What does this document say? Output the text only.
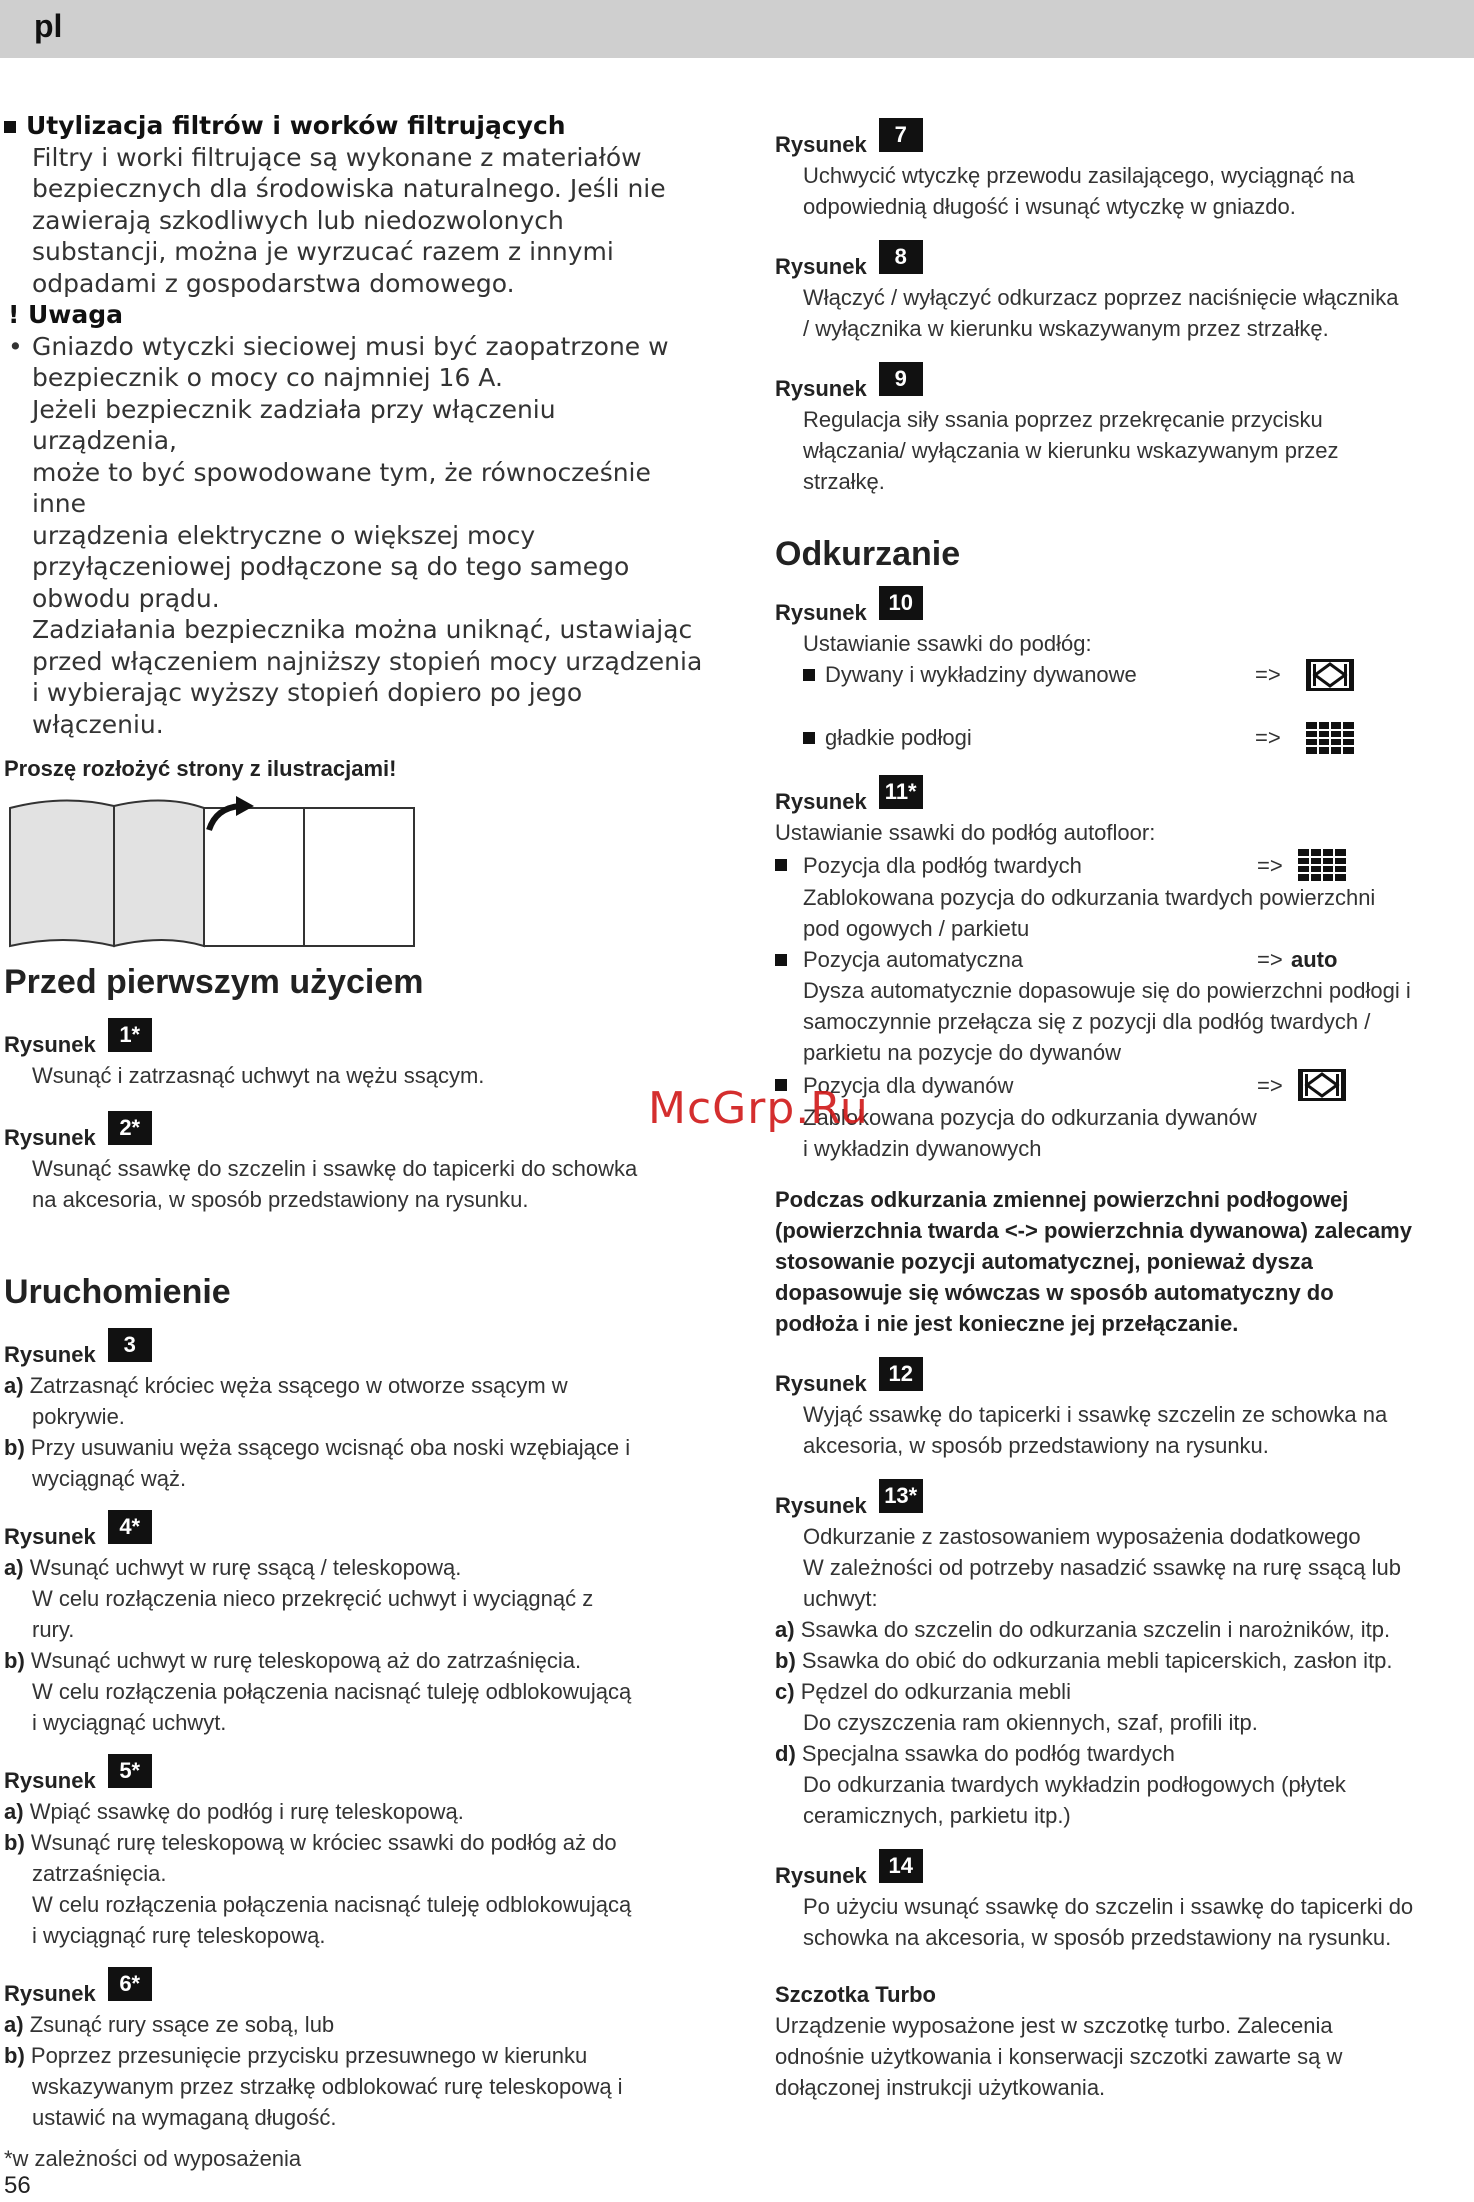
pl
Utylizacja filtrów i worków filtrujących
Filtry i worki filtrujące są wykonane z materiałów
bezpiecznych dla środowiska naturalnego. Jeśli nie
zawierają szkodliwych lub niedozwolonych
substancji, można je wyrzucać razem z innymi
odpadami z gospodarstwa domowego.
! Uwaga
• Gniazdo wtyczki sieciowej musi być zaopatrzone w
bezpiecznik o mocy co najmniej 16 A.
Jeżeli bezpiecznik zadziała przy włączeniu urządzenia,
może to być spowodowane tym, że równocześnie inne
urządzenia elektryczne o większej mocy
przyłączeniowej podłączone są do tego samego
obwodu prądu.
Zadziałania bezpiecznika można uniknąć, ustawiając
przed włączeniem najniższy stopień mocy urządzenia
i wybierając wyższy stopień dopiero po jego
włączeniu.
Proszę rozłożyć strony z ilustracjami!
Przed pierwszym użyciem
Rysunek	1*
Wsunąć i zatrzasnąć uchwyt na wężu ssącym.
Rysunek	2*
Wsunąć ssawkę do szczelin i ssawkę do tapicerki do schowka
na akcesoria, w sposób przedstawiony na rysunku.
Uruchomienie
Rysunek	3
a) Zatrzasnąć króciec węża ssącego w otworze ssącym w
pokrywie.
b) Przy usuwaniu węża ssącego wcisnąć oba noski wzębiające i
wyciągnąć wąż.
Rysunek	4*
a) Wsunąć uchwyt w rurę ssącą / teleskopową.
W celu rozłączenia nieco przekręcić uchwyt i wyciągnąć z
rury.
b) Wsunąć uchwyt w rurę teleskopową aż do zatrzaśnięcia.
W celu rozłączenia połączenia nacisnąć tuleję odblokowującą
i wyciągnąć uchwyt.
Rysunek	5*
a) Wpiąć ssawkę do podłóg i rurę teleskopową.
b) Wsunąć rurę teleskopową w króciec ssawki do podłóg aż do
zatrzaśnięcia.
W celu rozłączenia połączenia nacisnąć tuleję odblokowującą
i wyciągnąć rurę teleskopową.
Rysunek	6*
a) Zsunąć rury ssące ze sobą, lub
b) Poprzez przesunięcie przycisku przesuwnego w kierunku
wskazywanym przez strzałkę odblokować rurę teleskopową i
ustawić na wymaganą długość.
*w zależności od wyposażenia
Rysunek	7
Uchwycić wtyczkę przewodu zasilającego, wyciągnąć na
odpowiednią długość i wsunąć wtyczkę w gniazdo.
Rysunek	8
Włączyć / wyłączyć odkurzacz poprzez naciśnięcie włącznika
/ wyłącznika w kierunku wskazywanym przez strzałkę.
Rysunek	9
Regulacja siły ssania poprzez przekręcanie przycisku
włączania/ wyłączania w kierunku wskazywanym przez
strzałkę.
Odkurzanie
Rysunek 10
Ustawianie ssawki do podłóg:
Dywany i wykładziny dywanowe	=>
gładkie podłogi	=>
Rysunek 11*
Ustawianie ssawki do podłóg autofloor:
Pozycja dla podłóg twardych	=>
Zablokowana pozycja do odkurzania twardych powierzchni
pod ogowych / parkietu
Pozycja automatyczna	=> auto
Dysza automatycznie dopasowuje się do powierzchni podłogi i
samoczynnie przełącza się z pozycji dla podłóg twardych /
parkietu na pozycje do dywanów
Pozycja dla dywanów	=>
Zablokowana pozycja do odkurzania dywanów
i wykładzin dywanowych
Podczas odkurzania zmiennej powierzchni podłogowej
(powierzchnia twarda <-> powierzchnia dywanowa) zalecamy
stosowanie pozycji automatycznej, ponieważ dysza
dopasowuje się wówczas w sposób automatyczny do
podłoża i nie jest konieczne jej przełączanie.
Rysunek 12
Wyjąć ssawkę do tapicerki i ssawkę szczelin ze schowka na
akcesoria, w sposób przedstawiony na rysunku.
Rysunek 13*
Odkurzanie z zastosowaniem wyposażenia dodatkowego
W zależności od potrzeby nasadzić ssawkę na rurę ssącą lub
uchwyt:
a) Ssawka do szczelin do odkurzania szczelin i narożników, itp.
b) Ssawka do obić do odkurzania mebli tapicerskich, zasłon itp.
c) Pędzel do odkurzania mebli
Do czyszczenia ram okiennych, szaf, profili itp.
d) Specjalna ssawka do podłóg twardych
Do odkurzania twardych wykładzin podłogowych (płytek
ceramicznych, parkietu itp.)
Rysunek 14
Po użyciu wsunąć ssawkę do szczelin i ssawkę do tapicerki do
schowka na akcesoria, w sposób przedstawiony na rysunku.
Szczotka Turbo
Urządzenie wyposażone jest w szczotkę turbo. Zalecenia
odnośnie użytkowania i konserwacji szczotki zawarte są w
dołączonej instrukcji użytkowania.
McGrp.Ru
56
